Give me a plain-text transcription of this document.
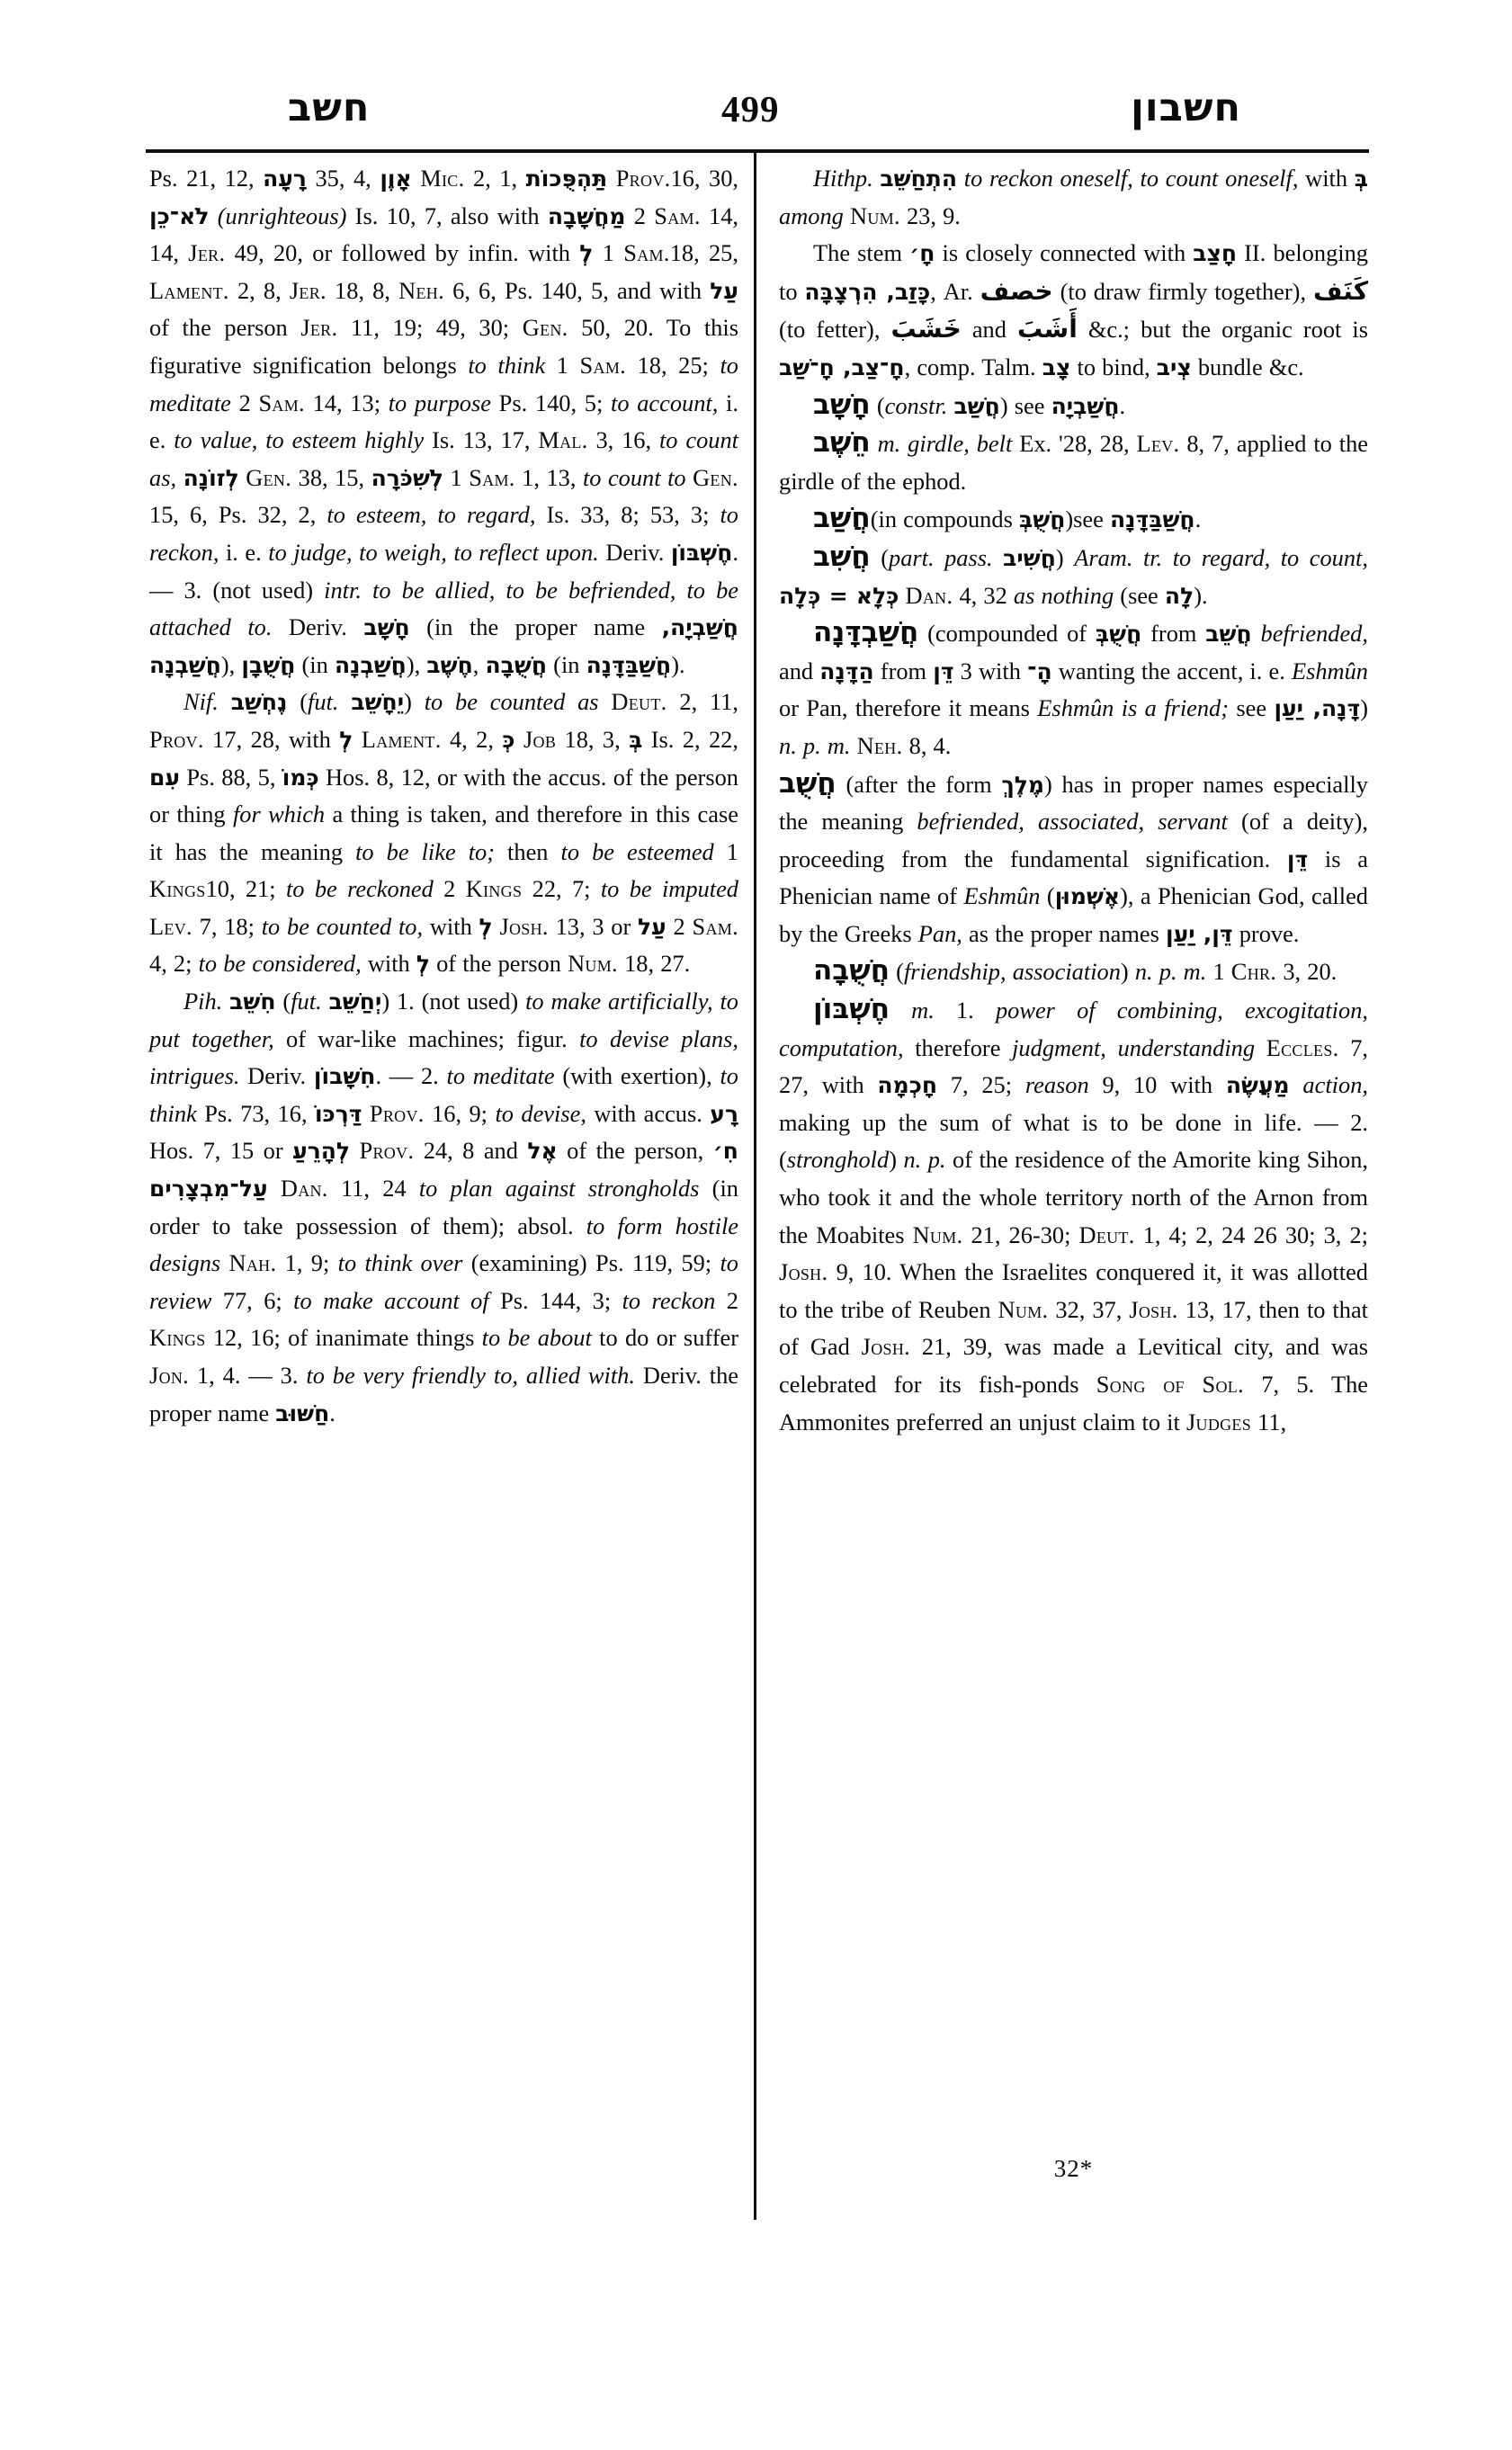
חשב	499	חשבון

Ps. 21, 12, רָעָה 35, 4, אָוֶן Mic. 2, 1, תַּהְפֻּכוֹת Prov.16, 30, לֹא־כֵן (unrighteous) Is. 10, 7, also with מַחֲשָׁבָה 2 Sam. 14, 14, Jer. 49, 20, or followed by infin. with לְ 1 Sam.18, 25, Lament. 2, 8, Jer. 18, 8, Neh. 6, 6, Ps. 140, 5, and with עַל of the person Jer. 11, 19; 49, 30; Gen. 50, 20. To this figurative signification belongs to think 1 Sam. 18, 25; to meditate 2 Sam. 14, 13; to purpose Ps. 140, 5; to account, i. e. to value, to esteem highly Is. 13, 17, Mal. 3, 16, to count as, לְזוֹנָה Gen. 38, 15, לְשִׁכֹּרָה 1 Sam. 1, 13, to count to Gen. 15, 6, Ps. 32, 2, to esteem, to regard, Is. 33, 8; 53, 3; to reckon, i. e. to judge, to weigh, to reflect upon. Deriv. חֶשְׁבּוֹן. — 3. (not used) intr. to be allied, to be befriended, to be attached to. Deriv. חָשָׁב (in the proper name חֲשַׁבְיָה, חֲשַׁבְנָה), חֲשֻׁבָן (in חֲשַׁבְנָה), חֶשֶׁב, חֲשֻׁבָה (in חֲשַׁבַּדָּנָה).

Nif. נֶחְשַׁב (fut. יֵחָשֵׁב) to be counted as Deut. 2, 11, Prov. 17, 28, with לְ Lament. 4, 2, כְּ Job 18, 3, בְּ Is. 2, 22, עִם Ps. 88, 5, כְּמוֹ Hos. 8, 12, or with the accus. of the person or thing for which a thing is taken, and therefore in this case it has the meaning to be like to; then to be esteemed 1 Kings10, 21; to be reckoned 2 Kings 22, 7; to be imputed Lev. 7, 18; to be counted to, with לְ Josh. 13, 3 or עַל 2 Sam. 4, 2; to be considered, with לְ of the person Num. 18, 27.

Pih. חִשֵּׁב (fut. יְחַשֵּׁב) 1. (not used) to make artificially, to put together, of war-like machines; figur. to devise plans, intrigues. Deriv. חִשָּׁבוֹן. — 2. to meditate (with exertion), to think Ps. 73, 16, דַּרְכּוֹ Prov. 16, 9; to devise, with accus. רָע Hos. 7, 15 or לְהָרֵעַ Prov. 24, 8 and אֶל of the person, חִ׳ עַל־מִבְצָרִים Dan. 11, 24 to plan against strongholds (in order to take possession of them); absol. to form hostile designs Nah. 1, 9; to think over (examining) Ps. 119, 59; to review 77, 6; to make account of Ps. 144, 3; to reckon 2 Kings 12, 16; of inanimate things to be about to do or suffer Jon. 1, 4. — 3. to be very friendly to, allied with. Deriv. the proper name חַשּׁוּב.

Hithp. הִתְחַשֵּׁב to reckon oneself, to count oneself, with בְּ among Num. 23, 9.

The stem חָ׳ is closely connected with חָצַב II. belonging to כָּזַב, הִרְצָבָּה, Ar. خصف (to draw firmly together), كَنَف (to fetter), خَشَبَ and أَشَبَ &c.; but the organic root is חָ־צַב, חָ־שַׁב, comp. Talm. צָב to bind, צְיב bundle &c.

חָשָׁב (constr. חֲשַׁב) see חֲשַׁבְיָה.

חֵשֶׁב m. girdle, belt Ex. '28, 28, Lev. 8, 7, applied to the girdle of the ephod.

חֲשַׁב(in compounds חֲשֻׁבְּ)see חֲשַׁבַּדָּנָה.

חֲשִׁב (part. pass. חֲשִׁיב) Aram. tr. to regard, to count, כְּלָא = כְּלָה Dan. 4, 32 as nothing (see לָה).

חֲשַׁבְדָּנָה (compounded of חֲשֻׁבְּ from חֲשֵׁב befriended, and הַדָּנָה from דֵּן 3 with הָ־ wanting the accent, i. e. Eshmûn or Pan, therefore it means Eshmûn is a friend; see דָּנָה, יַעַן) n. p. m. Neh. 8, 4.

חֲשֻׁב (after the form מֶלֶךְ) has in proper names especially the meaning befriended, associated, servant (of a deity), proceeding from the fundamental signification. דֵּן is a Phenician name of Eshmûn (אֶשְׁמוּן), a Phenician God, called by the Greeks Pan, as the proper names דֵּן, יַעַן prove.

חֲשֻׁבָה (friendship, association) n. p. m. 1 Chr. 3, 20.

חֶשְׁבּוֹן m. 1. power of combining, excogitation, computation, therefore judgment, understanding Eccles. 7, 27, with חָכְמָה 7, 25; reason 9, 10 with מַעֲשֶׂה action, making up the sum of what is to be done in life. — 2. (stronghold) n. p. of the residence of the Amorite king Sihon, who took it and the whole territory north of the Arnon from the Moabites Num. 21, 26-30; Deut. 1, 4; 2, 24 26 30; 3, 2; Josh. 9, 10. When the Israelites conquered it, it was allotted to the tribe of Reuben Num. 32, 37, Josh. 13, 17, then to that of Gad Josh. 21, 39, was made a Levitical city, and was celebrated for its fish-ponds Song of Sol. 7, 5. The Ammonites preferred an unjust claim to it Judges 11,

32*
